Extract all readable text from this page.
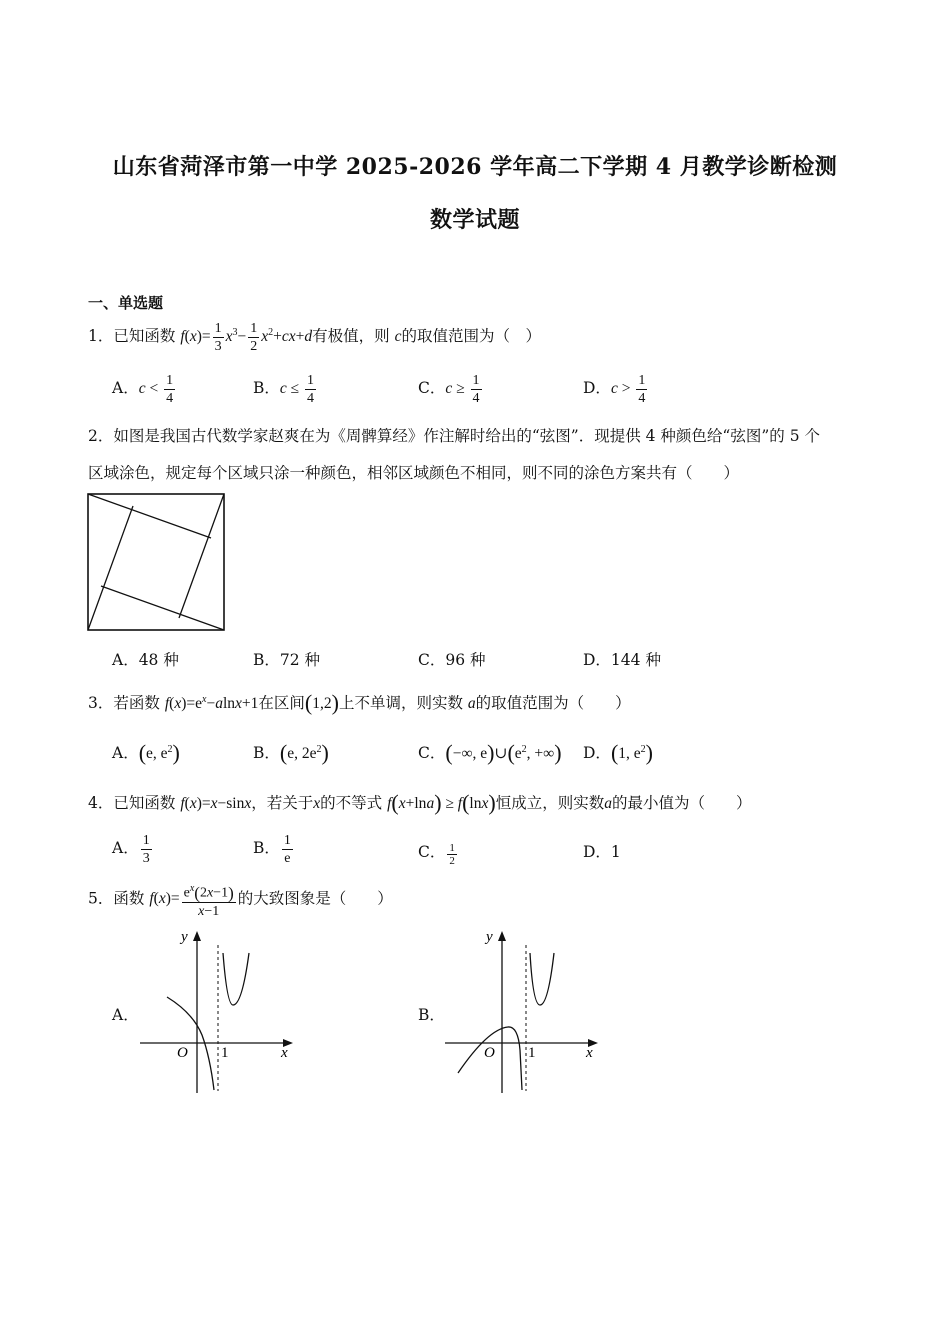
山东省菏泽市第一中学 2025-2026 学年高二下学期 4 月教学诊断检测
数学试题
一、单选题
1．已知函数 $f(x)= \frac{1}{3} x^3- \frac{1}{2} x^2+cx+d$有极值，则 c的取值范围为（　）
A．$c < \frac{1}{4}$	B．$c \le \frac{1}{4}$	C．$c \ge \frac{1}{4}$	D．$c > \frac{1}{4}$
2．如图是我国古代数学家赵爽在为《周髀算经》作注解时给出的“弦图”．现提供 4 种颜色给“弦图”的 5 个
区域涂色，规定每个区域只涂一种颜色，相邻区域颜色不相同，则不同的涂色方案共有（　　）
A．48 种	B．72 种	C．96 种	D．144 种
3．若函数 $f(x)=e^x-alnx+1$在区间(1,2)上不单调，则实数 a的取值范围为（　　）
A．(e, $e^2$)	B．(e, $2e^2$)	C．(−∞, $e)\cup(e^2$, +∞) D．(1, $e^2$)
4．已知函数 f(x)=x−sinx，若关于x的不等式 f(x+lna) ≥ f(lnx)恒成立，则实数a的最小值为（　　）
A． $\frac{1}{3}$	B． $\frac{1}{e}$	C． $\frac{1}{2}$	D．1
5．函数 $f(x)= \frac{e^x(2x-1)}{x-1}$ 的大致图象是（　　）
A．
O 1	x
y
B．
O 1	x
y
